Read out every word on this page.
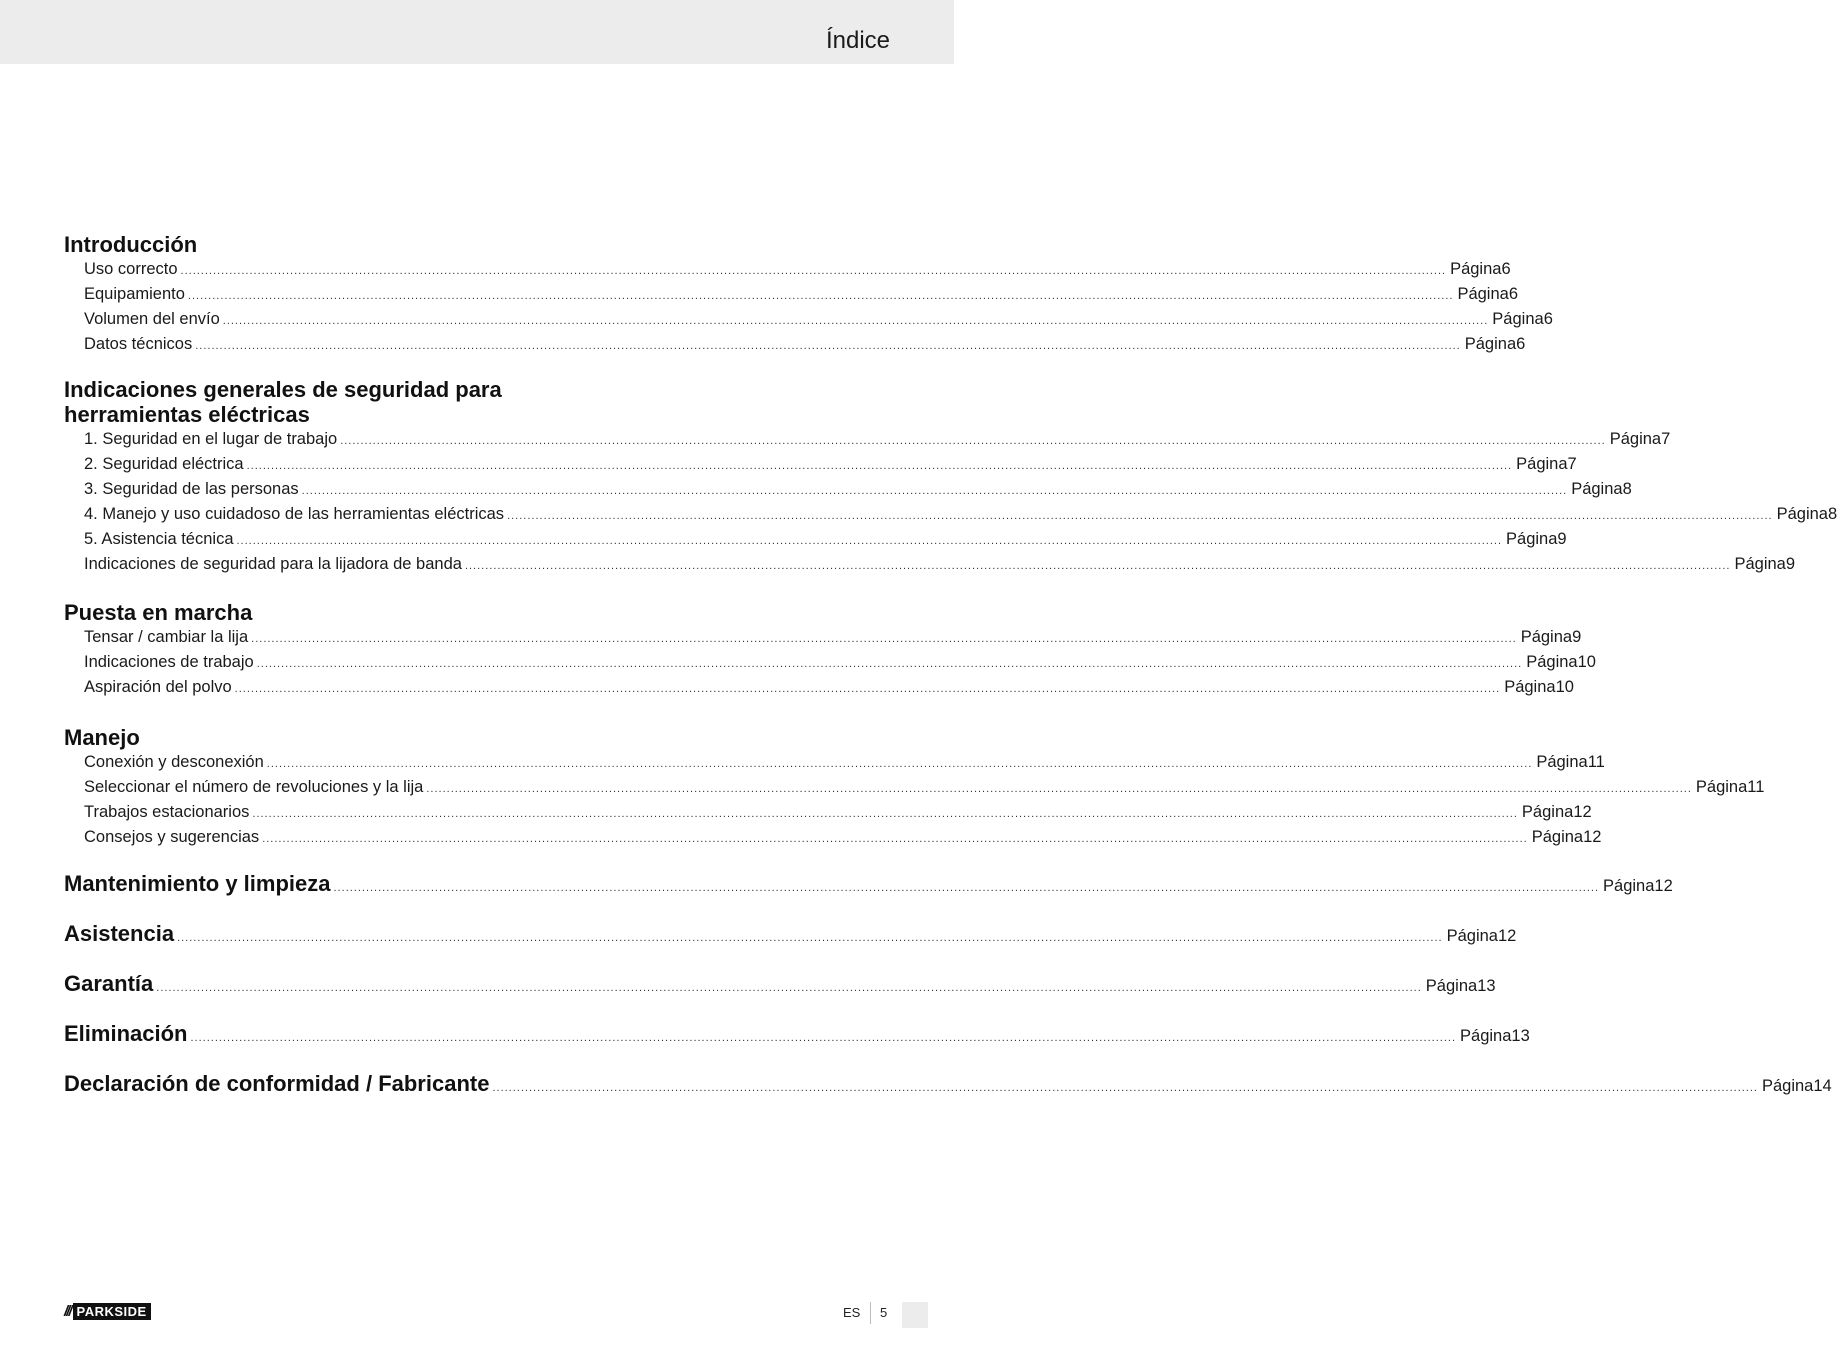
Índice
Introducción
Uso correcto ........................................................................................................................................................................................................................................................................................................................ Página 6
Equipamiento ........................................................................................................................................................................................................................................................................................................................ Página 6
Volumen del envío ........................................................................................................................................................................................................................................................................................................................ Página 6
Datos técnicos ........................................................................................................................................................................................................................................................................................................................ Página 6
Indicaciones generales de seguridad para
herramientas eléctricas
1. Seguridad en el lugar de trabajo ........................................................................................................................................................................................................................................................................................................................ Página 7
2. Seguridad eléctrica ........................................................................................................................................................................................................................................................................................................................ Página 7
3. Seguridad de las personas ........................................................................................................................................................................................................................................................................................................................ Página 8
4. Manejo y uso cuidadoso de las herramientas eléctricas ........................................................................................................................................................................................................................................................................................................................ Página 8
5. Asistencia técnica ........................................................................................................................................................................................................................................................................................................................ Página 9
Indicaciones de seguridad para la lijadora de banda ........................................................................................................................................................................................................................................................................................................................ Página 9
Puesta en marcha
Tensar / cambiar la lija ........................................................................................................................................................................................................................................................................................................................ Página 9
Indicaciones de trabajo ........................................................................................................................................................................................................................................................................................................................ Página 10
Aspiración del polvo ........................................................................................................................................................................................................................................................................................................................ Página 10
Manejo
Conexión y desconexión ........................................................................................................................................................................................................................................................................................................................ Página 11
Seleccionar el número de revoluciones y la lija ........................................................................................................................................................................................................................................................................................................................ Página 11
Trabajos estacionarios ........................................................................................................................................................................................................................................................................................................................ Página 12
Consejos y sugerencias ........................................................................................................................................................................................................................................................................................................................ Página 12
Mantenimiento y limpieza ........................................................................................................................................................................................................................................................................................................................ Página 12
Asistencia ........................................................................................................................................................................................................................................................................................................................ Página 12
Garantía ........................................................................................................................................................................................................................................................................................................................ Página 13
Eliminación ........................................................................................................................................................................................................................................................................................................................ Página 13
Declaración de conformidad / Fabricante ........................................................................................................................................................................................................................................................................................................................ Página 14
/// PARKSIDE	ES 5
